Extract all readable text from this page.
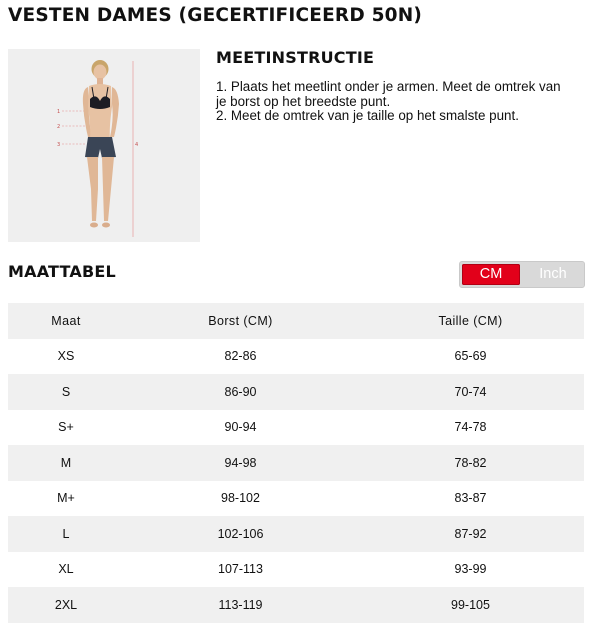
VESTEN DAMES (GECERTIFICEERD 50N)
1
2
3	4
MEETINSTRUCTIE

1. Plaats het meetlint onder je armen. Meet de omtrek van je borst op het breedste punt.

2. Meet de omtrek van je taille op het smalste punt.

MAATTABEL	CM	Inch
Maat	Borst (CM)	Taille (CM)
XS	82-86	65-69
S	86-90	70-74
S+	90-94	74-78
M	94-98	78-82
M+	98-102	83-87
L	102-106	87-92
XL	107-113	93-99
2XL	113-119	99-105
